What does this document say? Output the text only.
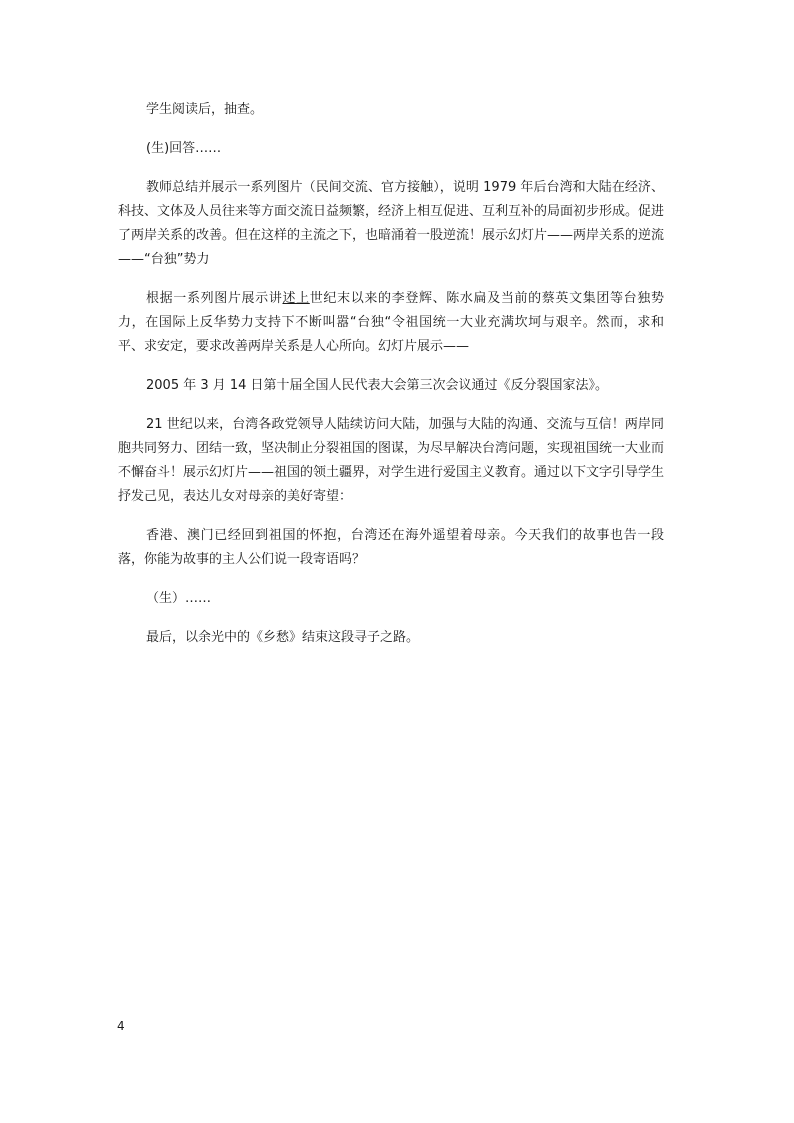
学生阅读后，抽查。

(生)回答……

教师总结并展示一系列图片（民间交流、官方接触），说明 1979 年后台湾和大陆在经济、科技、文体及人员往来等方面交流日益频繁，经济上相互促进、互利互补的局面初步形成。促进了两岸关系的改善。但在这样的主流之下，也暗涌着一股逆流！展示幻灯片——两岸关系的逆流——“台独”势力

根据一系列图片展示讲述上世纪末以来的李登辉、陈水扁及当前的蔡英文集团等台独势力，在国际上反华势力支持下不断叫嚣“台独“令祖国统一大业充满坎坷与艰辛。然而，求和平、求安定，要求改善两岸关系是人心所向。幻灯片展示——

2005 年 3 月 14 日第十届全国人民代表大会第三次会议通过《反分裂国家法》。

21 世纪以来，台湾各政党领导人陆续访问大陆，加强与大陆的沟通、交流与互信！两岸同胞共同努力、团结一致，坚决制止分裂祖国的图谋，为尽早解决台湾问题，实现祖国统一大业而不懈奋斗！展示幻灯片——祖国的领土疆界，对学生进行爱国主义教育。通过以下文字引导学生抒发己见，表达儿女对母亲的美好寄望：

香港、澳门已经回到祖国的怀抱，台湾还在海外遥望着母亲。今天我们的故事也告一段落，你能为故事的主人公们说一段寄语吗？

（生）……

最后，以余光中的《乡愁》结束这段寻子之路。

4
